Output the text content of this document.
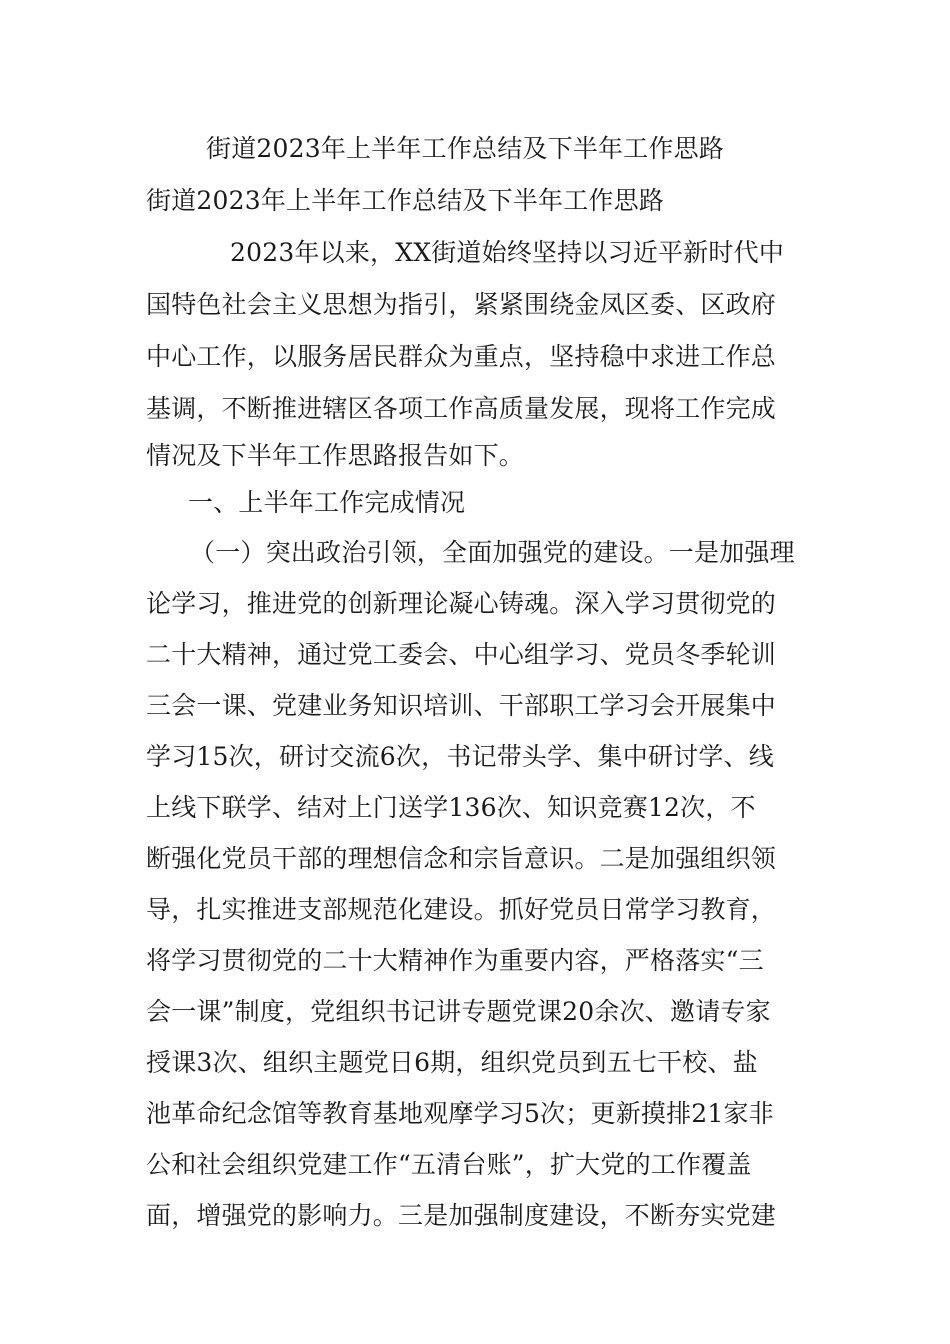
街道2023年上半年工作总结及下半年工作思路
街道2023年上半年工作总结及下半年工作思路
2023年以来，XX街道始终坚持以习近平新时代中
国特色社会主义思想为指引，紧紧围绕金凤区委、区政府
中心工作，以服务居民群众为重点，坚持稳中求进工作总
基调，不断推进辖区各项工作高质量发展，现将工作完成
情况及下半年工作思路报告如下。
一、上半年工作完成情况
（一）突出政治引领，全面加强党的建设。一是加强理
论学习，推进党的创新理论凝心铸魂。深入学习贯彻党的
二十大精神，通过党工委会、中心组学习、党员冬季轮训
三会一课、党建业务知识培训、干部职工学习会开展集中
学习15次，研讨交流6次，书记带头学、集中研讨学、线
上线下联学、结对上门送学136次、知识竞赛12次，不
断强化党员干部的理想信念和宗旨意识。二是加强组织领
导，扎实推进支部规范化建设。抓好党员日常学习教育，
将学习贯彻党的二十大精神作为重要内容，严格落实“三
会一课”制度，党组织书记讲专题党课20余次、邀请专家
授课3次、组织主题党日6期，组织党员到五七干校、盐
池革命纪念馆等教育基地观摩学习5次；更新摸排21家非
公和社会组织党建工作“五清台账”，扩大党的工作覆盖
面，增强党的影响力。三是加强制度建设，不断夯实党建
